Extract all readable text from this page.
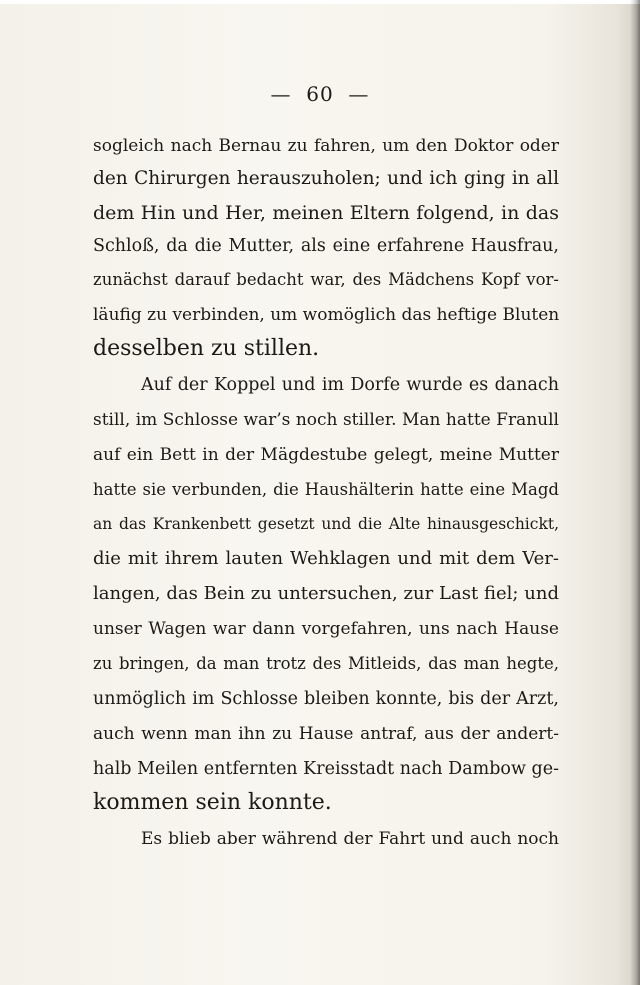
—  60  —
sogleich nach Bernau zu fahren, um den Doktor oder
den Chirurgen herauszuholen; und ich ging in all
dem Hin und Her, meinen Eltern folgend, in das
Schloß, da die Mutter, als eine erfahrene Hausfrau,
zunächst darauf bedacht war, des Mädchens Kopf vor-
läufig zu verbinden, um womöglich das heftige Bluten
desselben zu stillen.
Auf der Koppel und im Dorfe wurde es danach
still, im Schlosse war’s noch stiller. Man hatte Franull
auf ein Bett in der Mägdestube gelegt, meine Mutter
hatte sie verbunden, die Haushälterin hatte eine Magd
an das Krankenbett gesetzt und die Alte hinausgeschickt,
die mit ihrem lauten Wehklagen und mit dem Ver-
langen, das Bein zu untersuchen, zur Last fiel; und
unser Wagen war dann vorgefahren, uns nach Hause
zu bringen, da man trotz des Mitleids, das man hegte,
unmöglich im Schlosse bleiben konnte, bis der Arzt,
auch wenn man ihn zu Hause antraf, aus der andert-
halb Meilen entfernten Kreisstadt nach Dambow ge-
kommen sein konnte.
Es blieb aber während der Fahrt und auch noch
